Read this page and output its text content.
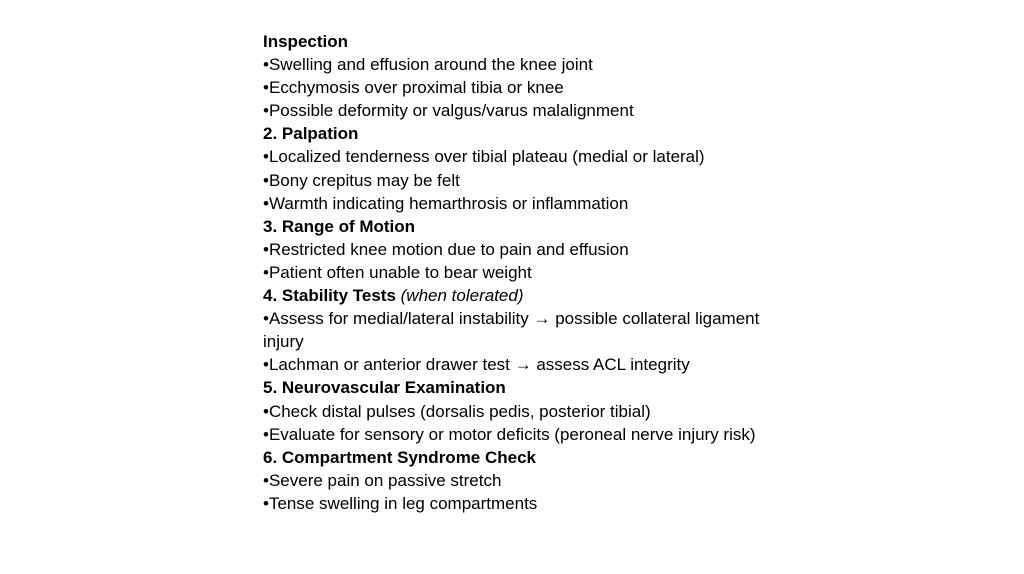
Inspection
•Swelling and effusion around the knee joint
•Ecchymosis over proximal tibia or knee
•Possible deformity or valgus/varus malalignment
2. Palpation
•Localized tenderness over tibial plateau (medial or lateral)
•Bony crepitus may be felt
•Warmth indicating hemarthrosis or inflammation
3. Range of Motion
•Restricted knee motion due to pain and effusion
•Patient often unable to bear weight
4. Stability Tests (when tolerated)
•Assess for medial/lateral instability → possible collateral ligament injury
•Lachman or anterior drawer test → assess ACL integrity
5. Neurovascular Examination
•Check distal pulses (dorsalis pedis, posterior tibial)
•Evaluate for sensory or motor deficits (peroneal nerve injury risk)
6. Compartment Syndrome Check
•Severe pain on passive stretch
•Tense swelling in leg compartments
